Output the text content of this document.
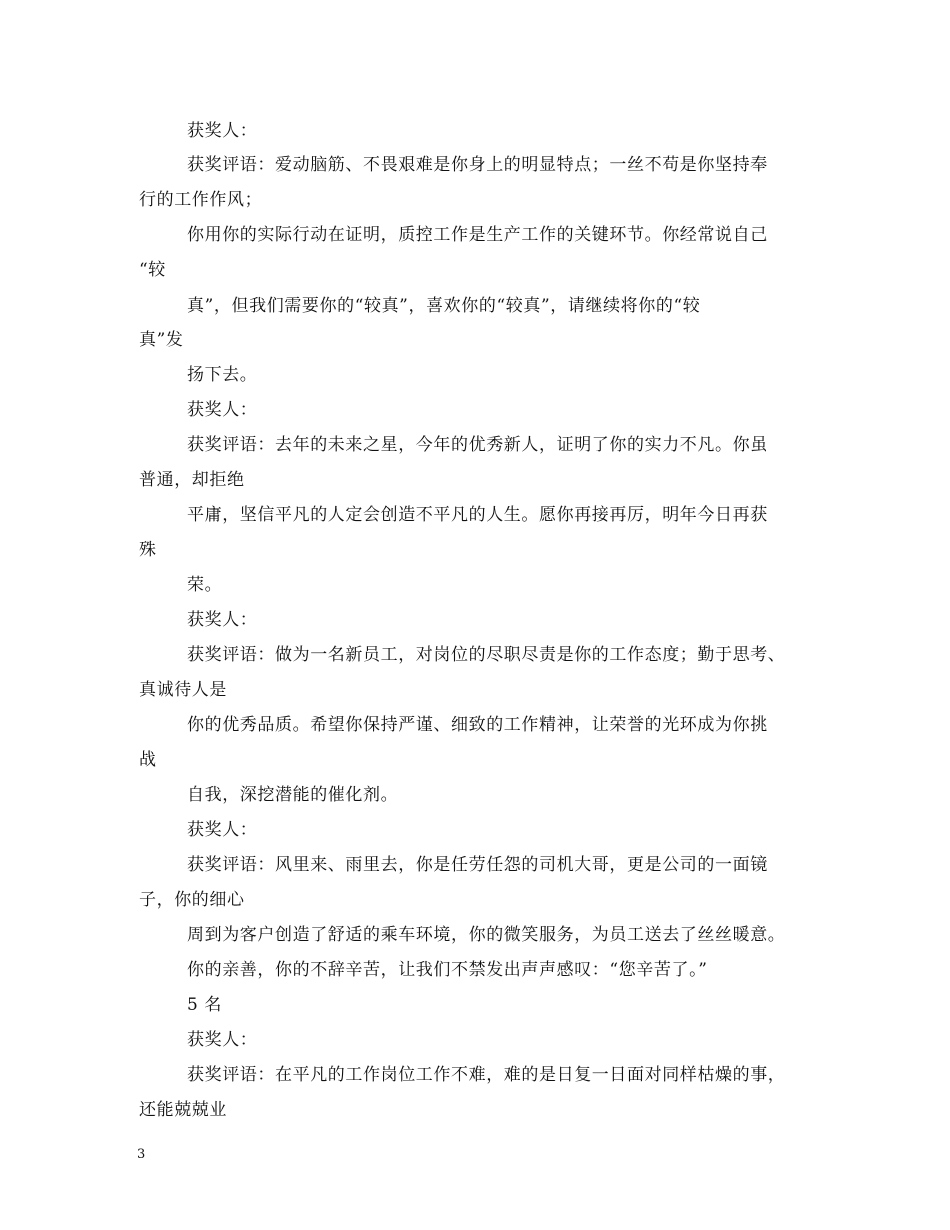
获奖人：
获奖评语：爱动脑筋、不畏艰难是你身上的明显特点；一丝不苟是你坚持奉
行的工作作风；
你用你的实际行动在证明，质控工作是生产工作的关键环节。你经常说自己
“较
真”，但我们需要你的“较真”，喜欢你的“较真”，请继续将你的“较
真”发
扬下去。
获奖人：
获奖评语：去年的未来之星，今年的优秀新人，证明了你的实力不凡。你虽
普通，却拒绝
平庸，坚信平凡的人定会创造不平凡的人生。愿你再接再厉，明年今日再获
殊
荣。
获奖人：
获奖评语：做为一名新员工，对岗位的尽职尽责是你的工作态度；勤于思考、
真诚待人是
你的优秀品质。希望你保持严谨、细致的工作精神，让荣誉的光环成为你挑
战
自我，深挖潜能的催化剂。
获奖人：
获奖评语：风里来、雨里去，你是任劳任怨的司机大哥，更是公司的一面镜
子，你的细心
周到为客户创造了舒适的乘车环境，你的微笑服务，为员工送去了丝丝暖意。
你的亲善，你的不辞辛苦，让我们不禁发出声声感叹：“您辛苦了。”
5 名
获奖人：
获奖评语：在平凡的工作岗位工作不难，难的是日复一日面对同样枯燥的事，
还能兢兢业
3
